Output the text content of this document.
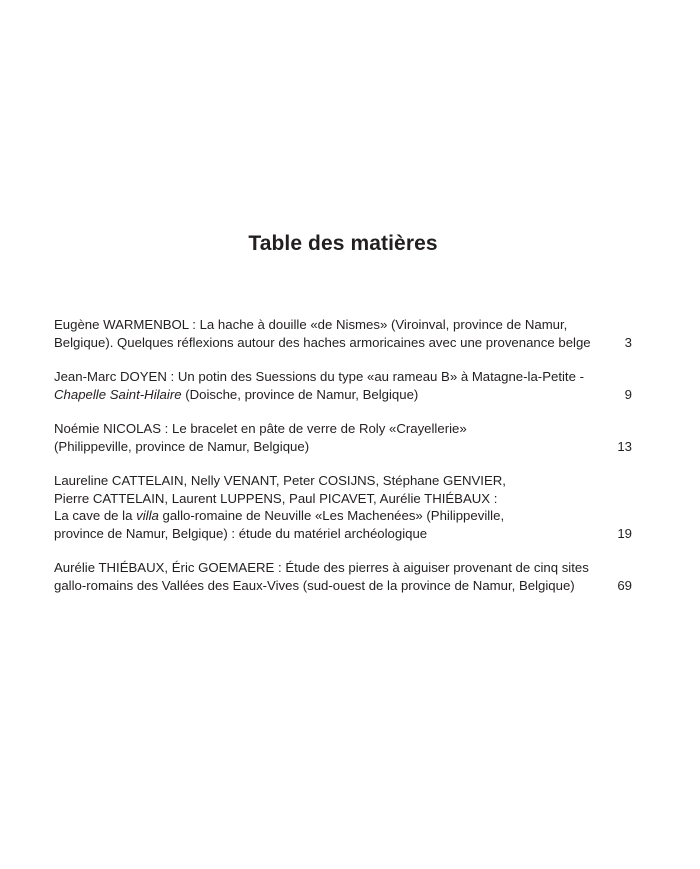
Table des matières
Eugène WARMENBOL : La hache à douille «de Nismes» (Viroinval, province de Namur,
Belgique). Quelques réflexions autour des haches armoricaines avec une provenance belge	3
Jean-Marc DOYEN : Un potin des Suessions du type «au rameau B» à Matagne-la-Petite -
Chapelle Saint-Hilaire (Doische, province de Namur, Belgique)	9
Noémie NICOLAS : Le bracelet en pâte de verre de Roly «Crayellerie»
(Philippeville, province de Namur, Belgique)	13
Laureline CATTELAIN, Nelly VENANT, Peter COSIJNS, Stéphane GENVIER,
Pierre CATTELAIN, Laurent LUPPENS, Paul PICAVET, Aurélie THIÉBAUX :
La cave de la villa gallo-romaine de Neuville «Les Machenées» (Philippeville,
province de Namur, Belgique) : étude du matériel archéologique	19
Aurélie THIÉBAUX, Éric GOEMAERE : Étude des pierres à aiguiser provenant de cinq sites
gallo-romains des Vallées des Eaux-Vives (sud-ouest de la province de Namur, Belgique)	69
